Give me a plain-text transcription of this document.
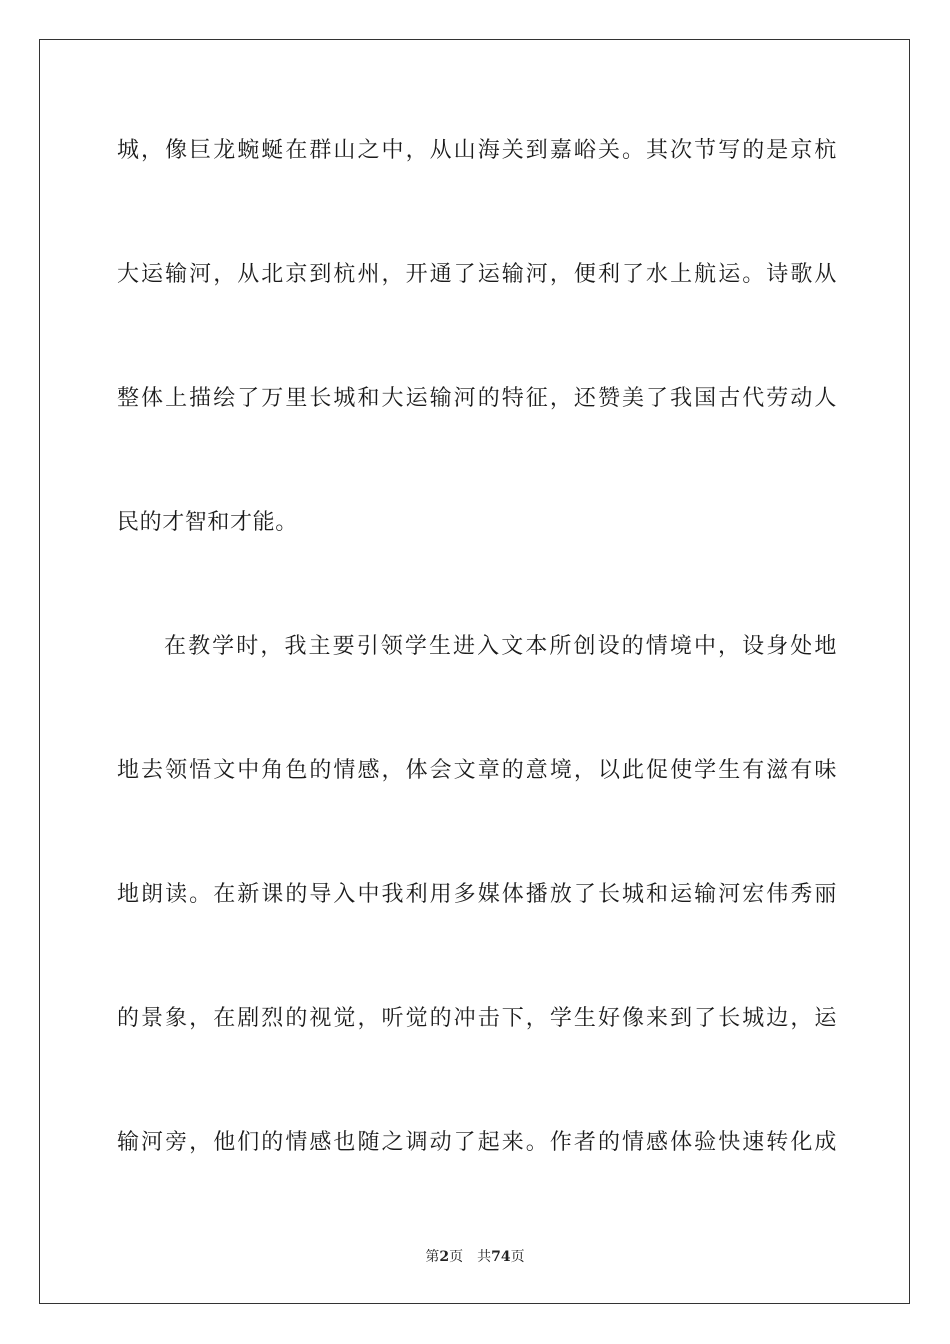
城，像巨龙蜿蜒在群山之中，从山海关到嘉峪关。其次节写的是京杭
大运输河，从北京到杭州，开通了运输河，便利了水上航运。诗歌从
整体上描绘了万里长城和大运输河的特征，还赞美了我国古代劳动人
民的才智和才能。
在教学时，我主要引领学生进入文本所创设的情境中，设身处地
地去领悟文中角色的情感，体会文章的意境，以此促使学生有滋有味
地朗读。在新课的导入中我利用多媒体播放了长城和运输河宏伟秀丽
的景象，在剧烈的视觉，听觉的冲击下，学生好像来到了长城边，运
输河旁，他们的情感也随之调动了起来。作者的情感体验快速转化成
第2页 共74页
